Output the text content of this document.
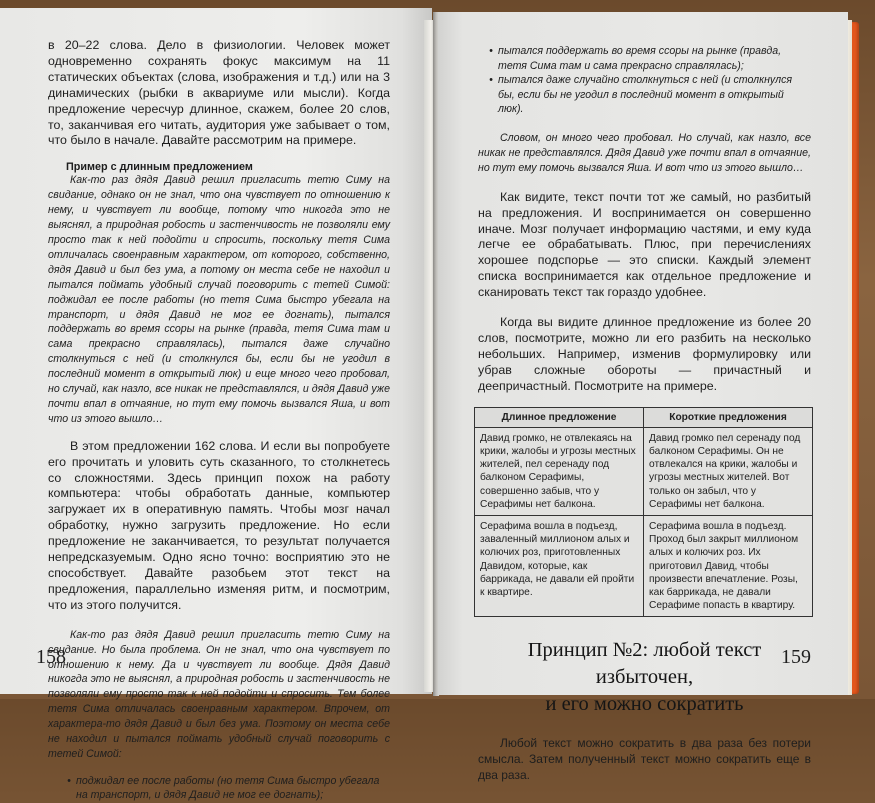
в 20–22 слова. Дело в физиологии. Человек может одновременно сохранять фокус максимум на 11 статических объектах (слова, изображения и т.д.) или на 3 динамических (рыбки в аквариуме или мысли). Когда предложение чересчур длинное, скажем, более 20 слов, то, заканчивая его читать, аудитория уже забывает о том, что было в начале. Давайте рассмотрим на примере.

Пример с длинным предложением

Как-то раз дядя Давид решил пригласить тетю Симу на свидание, однако он не знал, что она чувствует по отношению к нему, и чувствует ли вообще, потому что никогда это не выяснял, а природная робость и застенчивость не позволяли ему просто так к ней подойти и спросить, поскольку тетя Сима отличалась своенравным характером, от которого, собственно, дядя Давид и был без ума, а потому он места себе не находил и пытался поймать удобный случай поговорить с тетей Симой: поджидал ее после работы (но тетя Сима быстро убегала на транспорт, и дядя Давид не мог ее догнать), пытался поддержать во время ссоры на рынке (правда, тетя Сима там и сама прекрасно справлялась), пытался даже случайно столкнуться с ней (и столкнулся бы, если бы не угодил в последний момент в открытый люк) и еще много чего пробовал, но случай, как назло, все никак не представлялся, и дядя Давид уже почти впал в отчаяние, но тут ему помочь вызвался Яша, и вот что из этого вышло…

В этом предложении 162 слова. И если вы попробуете его прочитать и уловить суть сказанного, то столкнетесь со сложностями. Здесь принцип похож на работу компьютера: чтобы обработать данные, компьютер загружает их в оперативную память. Чтобы мозг начал обработку, нужно загрузить предложение. Но если предложение не заканчивается, то результат получается непредсказуемым. Одно ясно точно: восприятию это не способствует. Давайте разобьем этот текст на предложения, параллельно изменяя ритм, и посмотрим, что из этого получится.

Как-то раз дядя Давид решил пригласить тетю Симу на свидание. Но была проблема. Он не знал, что она чувствует по отношению к нему. Да и чувствует ли вообще. Дядя Давид никогда это не выяснял, а природная робость и застенчивость не позволяли ему просто так к ней подойти и спросить. Тем более тетя Сима отличалась своенравным характером. Впрочем, от характера-то дядя Давид и был без ума. Поэтому он места себе не находил и пытался поймать удобный случай поговорить с тетей Симой:

• поджидал ее после работы (но тетя Сима быстро убегала на транспорт, и дядя Давид не мог ее догнать);
158
• пытался поддержать во время ссоры на рынке (правда, тетя Сима там и сама прекрасно справлялась);
• пытался даже случайно столкнуться с ней (и столкнулся бы, если бы не угодил в последний момент в открытый люк).

Словом, он много чего пробовал. Но случай, как назло, все никак не представлялся. Дядя Давид уже почти впал в отчаяние, но тут ему помочь вызвался Яша. И вот что из этого вышло…

Как видите, текст почти тот же самый, но разбитый на предложения. И воспринимается он совершенно иначе. Мозг получает информацию частями, и ему куда легче ее обрабатывать. Плюс, при перечислениях хорошее подспорье — это списки. Каждый элемент списка воспринимается как отдельное предложение и сканировать текст так гораздо удобнее.

Когда вы видите длинное предложение из более 20 слов, посмотрите, можно ли его разбить на несколько небольших. Например, изменив формулировку или убрав сложные обороты — причастный и деепричастный. Посмотрите на примере.

Длинное предложение	Короткие предложения
Давид громко, не отвлекаясь на крики, жалобы и угрозы местных жителей, пел серенаду под балконом Серафимы, совершенно забыв, что у Серафимы нет балкона.	Давид громко пел серенаду под балконом Серафимы. Он не отвлекался на крики, жалобы и угрозы местных жителей. Вот только он забыл, что у Серафимы нет балкона.
Серафима вошла в подъезд, заваленный миллионом алых и колючих роз, приготовленных Давидом, которые, как баррикада, не давали ей пройти к квартире.	Серафима вошла в подъезд. Проход был закрыт миллионом алых и колючих роз. Их приготовил Давид, чтобы произвести впечатление. Розы, как баррикада, не давали Серафиме попасть в квартиру.

Принцип №2: любой текст избыточен,

и его можно сократить

Любой текст можно сократить в два раза без потери смысла. Затем полученный текст можно сократить еще в два раза.

159
